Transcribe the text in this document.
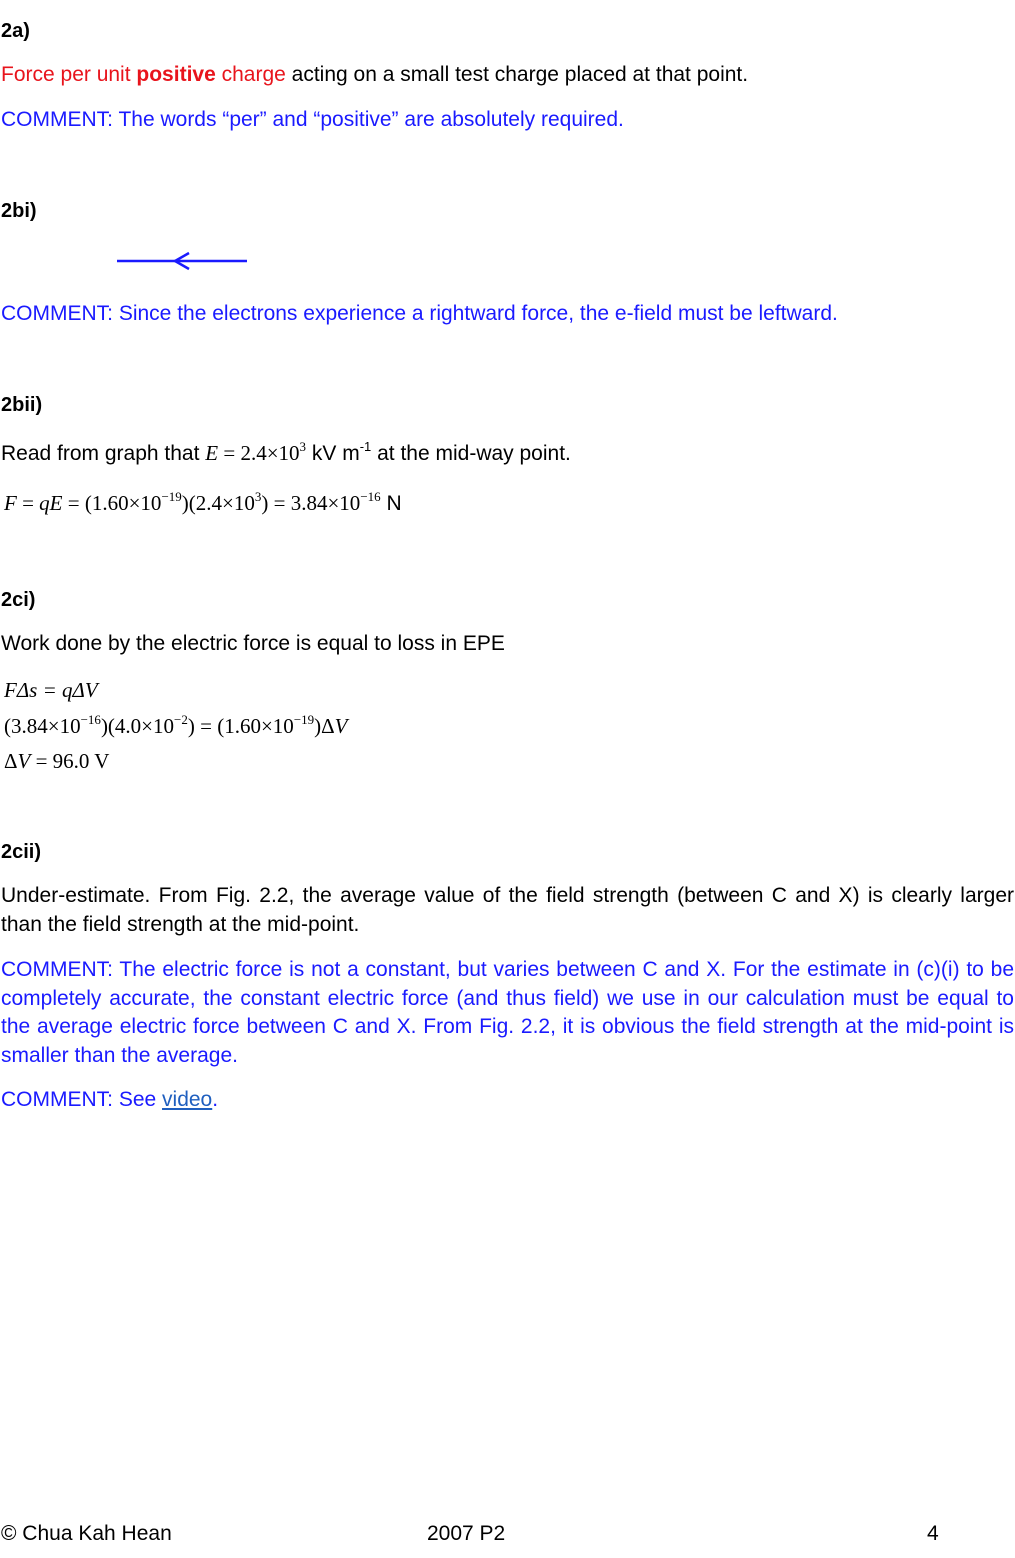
2a)
Force per unit positive charge acting on a small test charge placed at that point.
COMMENT: The words “per” and “positive” are absolutely required.
2bi)
COMMENT: Since the electrons experience a rightward force, the e-field must be leftward.
2bii)
Read from graph that $E = 2.4\times 10^3$ kV $m^{-1}$ at the mid-way point.
F = qE = $(1.60\times 10^{-19})(2.4\times 10^3) = 3.84\times 10^{-16}$ N
2ci)
Work done by the electric force is equal to loss in EPE
FΔs = qΔV
$(3.84\times 10^{-16})(4.0\times 10^{-2}) = (1.60\times 10^{-19})\Delta V$
ΔV = 96.0 V
2cii)
Under-estimate. From Fig. 2.2, the average value of the field strength (between C and X) is clearly larger than the field strength at the mid-point.
COMMENT: The electric force is not a constant, but varies between C and X. For the estimate in (c)(i) to be completely accurate, the constant electric force (and thus field) we use in our calculation must be equal to the average electric force between C and X. From Fig. 2.2, it is obvious the field strength at the mid-point is smaller than the average.
COMMENT: See video.
© Chua Kah Hean	2007 P2	4
